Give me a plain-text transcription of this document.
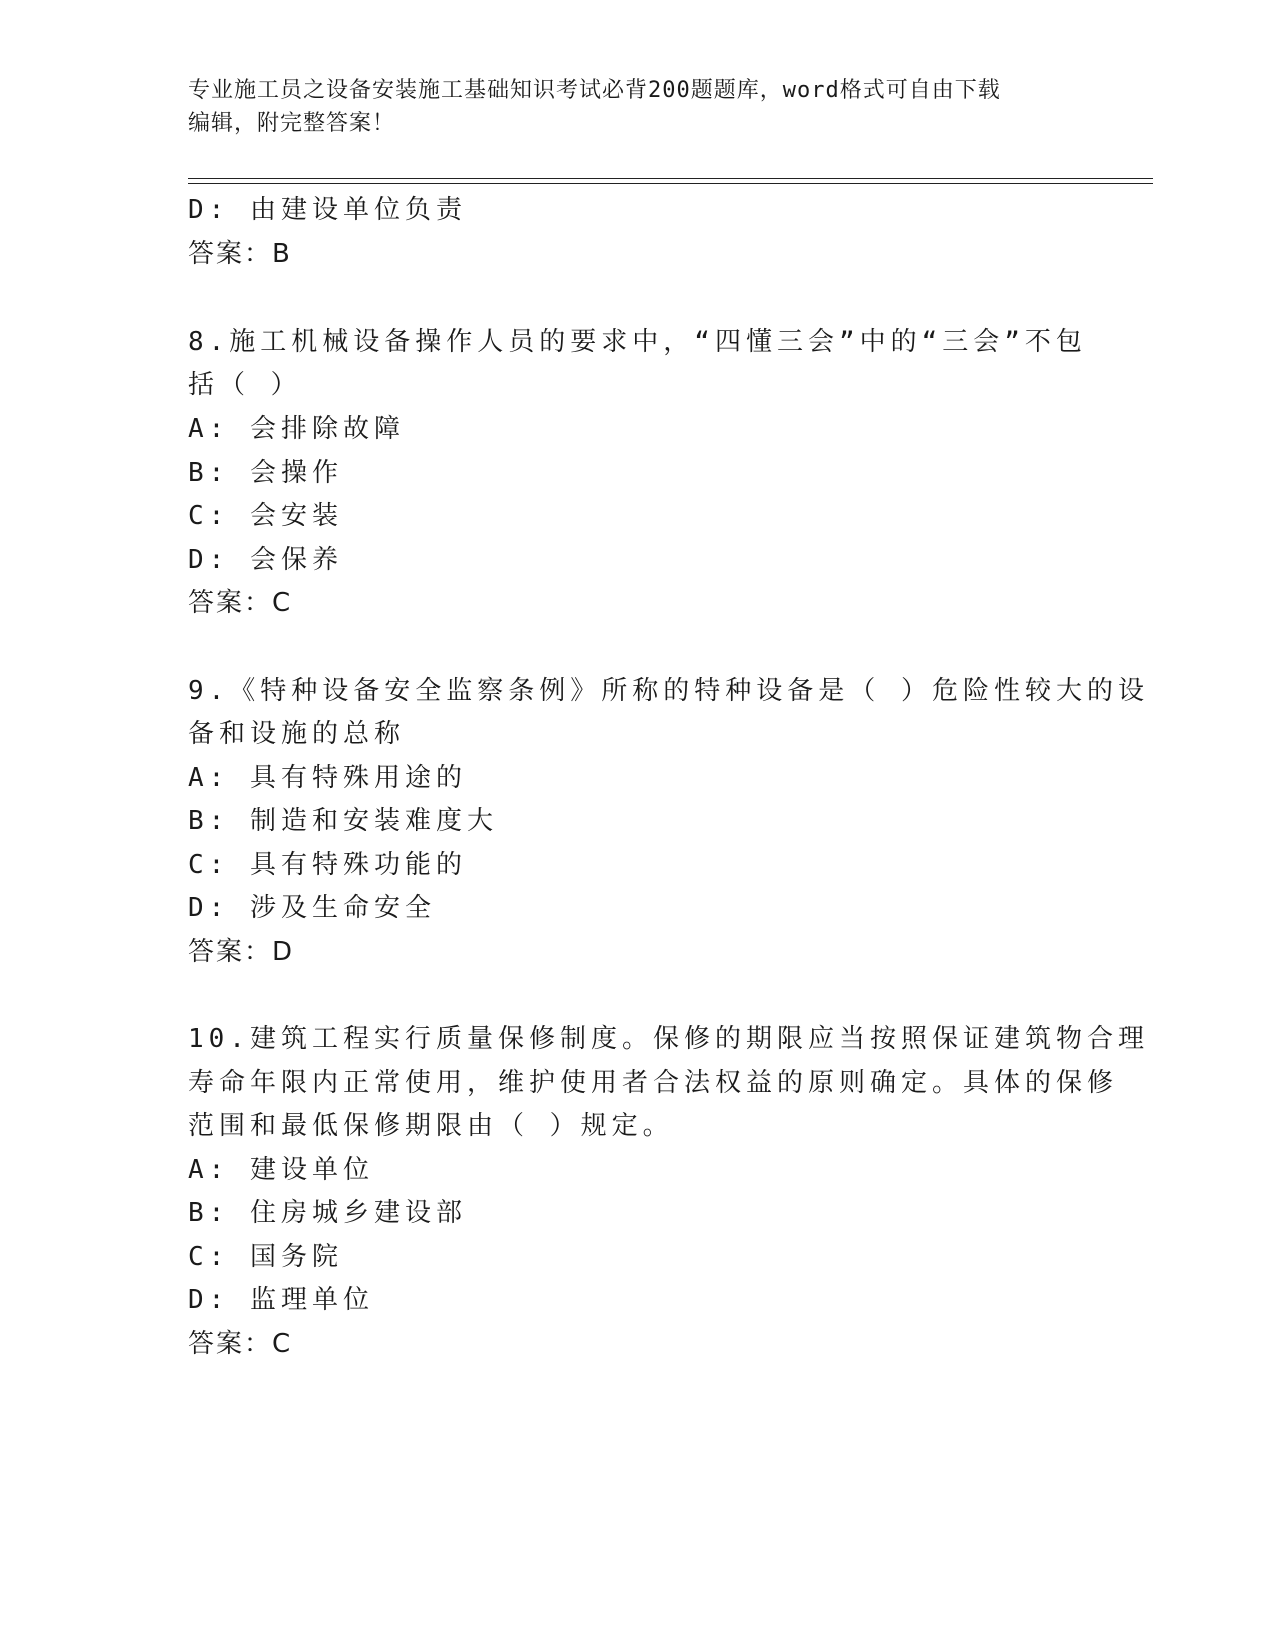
专业施工员之设备安装施工基础知识考试必背200题题库，word格式可自由下载
编辑，附完整答案！
D: 由建设单位负责
答案：B
8.施工机械设备操作人员的要求中，“四懂三会”中的“三会”不包
括（ ）
A: 会排除故障
B: 会操作
C: 会安装
D: 会保养
答案：C
9.《特种设备安全监察条例》所称的特种设备是（ ）危险性较大的设
备和设施的总称
A: 具有特殊用途的
B: 制造和安装难度大
C: 具有特殊功能的
D: 涉及生命安全
答案：D
10.建筑工程实行质量保修制度。保修的期限应当按照保证建筑物合理
寿命年限内正常使用，维护使用者合法权益的原则确定。具体的保修
范围和最低保修期限由（ ）规定。
A: 建设单位
B: 住房城乡建设部
C: 国务院
D: 监理单位
答案：C
